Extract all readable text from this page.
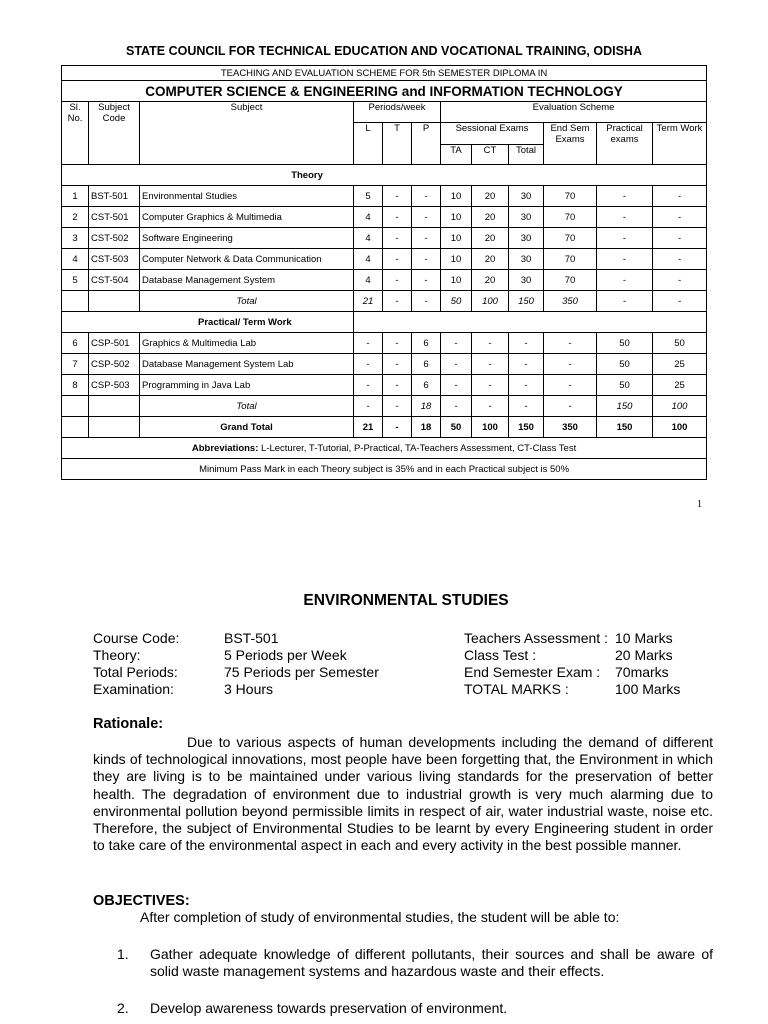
STATE COUNCIL FOR TECHNICAL EDUCATION AND VOCATIONAL TRAINING, ODISHA
TEACHING AND EVALUATION SCHEME FOR 5th SEMESTER DIPLOMA IN											
COMPUTER SCIENCE & ENGINEERING and INFORMATION TECHNOLOGY											
Sl. No.	Subject Code	Subject	Periods/week			Evaluation Scheme					
			L	T	P	Sessional Exams			End Sem Exams	Practical exams	Term Work
						TA	CT	Total			
Theory											
1	BST-501	Environmental Studies	5	-	-	10	20	30	70	-	-
2	CST-501	Computer Graphics & Multimedia	4	-	-	10	20	30	70	-	-
3	CST-502	Software Engineering	4	-	-	10	20	30	70	-	-
4	CST-503	Computer Network & Data Communication	4	-	-	10	20	30	70	-	-
5	CST-504	Database Management System	4	-	-	10	20	30	70	-	-
		Total	21	-	-	50	100	150	350	-	-
Practical/ Term Work											
6	CSP-501	Graphics & Multimedia Lab	-	-	6	-	-	-	-	50	50
7	CSP-502	Database Management System Lab	-	-	6	-	-	-	-	50	25
8	CSP-503	Programming in Java Lab	-	-	6	-	-	-	-	50	25
		Total	-	-	18	-	-	-	-	150	100
		Grand Total	21	-	18	50	100	150	350	150	100
Abbreviations: L-Lecturer, T-Tutorial, P-Practical, TA-Teachers Assessment, CT-Class Test											
Minimum Pass Mark in each Theory subject is 35% and in each Practical subject is 50%											
1
ENVIRONMENTAL STUDIES
Course Code:	BST-501
Theory:	5 Periods per Week
Total Periods:	75 Periods per Semester
Examination:	3 Hours
Teachers Assessment : 10 Marks
Class Test :	20 Marks
End Semester Exam : 70marks
TOTAL MARKS :	100 Marks
Rationale:
Due to various aspects of human developments including the demand of different kinds of technological innovations, most people have been forgetting that, the Environment in which they are living is to be maintained under various living standards for the preservation of better health. The degradation of environment due to industrial growth is very much alarming due to environmental pollution beyond permissible limits in respect of air, water industrial waste, noise etc. Therefore, the subject of Environmental Studies to be learnt by every Engineering student in order to take care of the environmental aspect in each and every activity in the best possible manner.
OBJECTIVES:
After completion of study of environmental studies, the student will be able to:
1. Gather adequate knowledge of different pollutants, their sources and shall be aware of solid waste management systems and hazardous waste and their effects.
2. Develop awareness towards preservation of environment.
